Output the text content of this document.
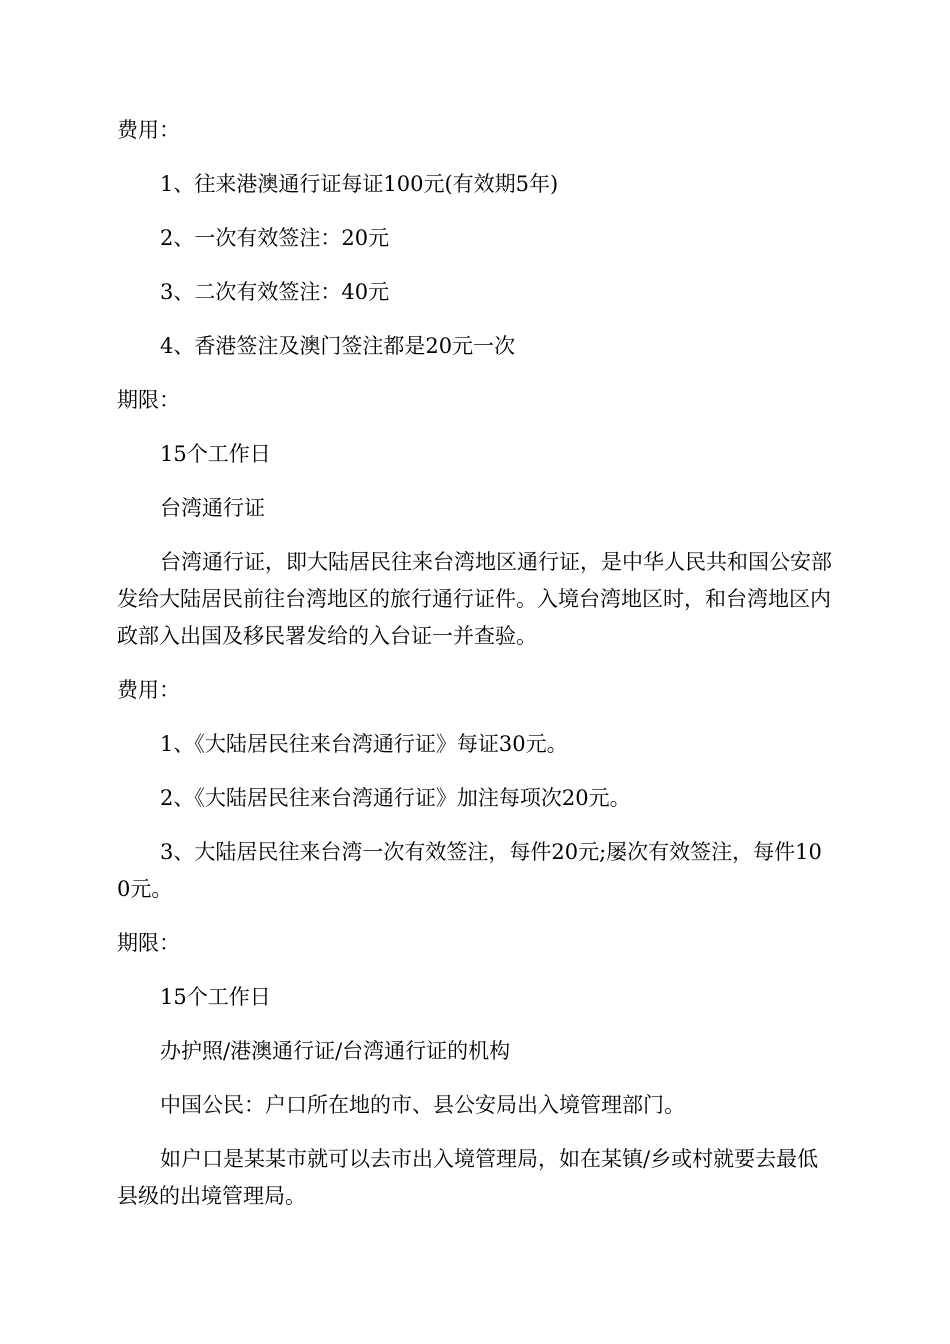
费用：

1、往来港澳通行证每证100元(有效期5年)

2、一次有效签注：20元

3、二次有效签注：40元

4、香港签注及澳门签注都是20元一次

期限：

15个工作日

台湾通行证

台湾通行证，即大陆居民往来台湾地区通行证，是中华人民共和国公安部发给大陆居民前往台湾地区的旅行通行证件。入境台湾地区时，和台湾地区内政部入出国及移民署发给的入台证一并查验。

费用：

1、《大陆居民往来台湾通行证》每证30元。

2、《大陆居民往来台湾通行证》加注每项次20元。

3、大陆居民往来台湾一次有效签注，每件20元;屡次有效签注，每件100元。

期限：

15个工作日

办护照/港澳通行证/台湾通行证的机构

中国公民：户口所在地的市、县公安局出入境管理部门。

如户口是某某市就可以去市出入境管理局，如在某镇/乡或村就要去最低县级的出境管理局。
